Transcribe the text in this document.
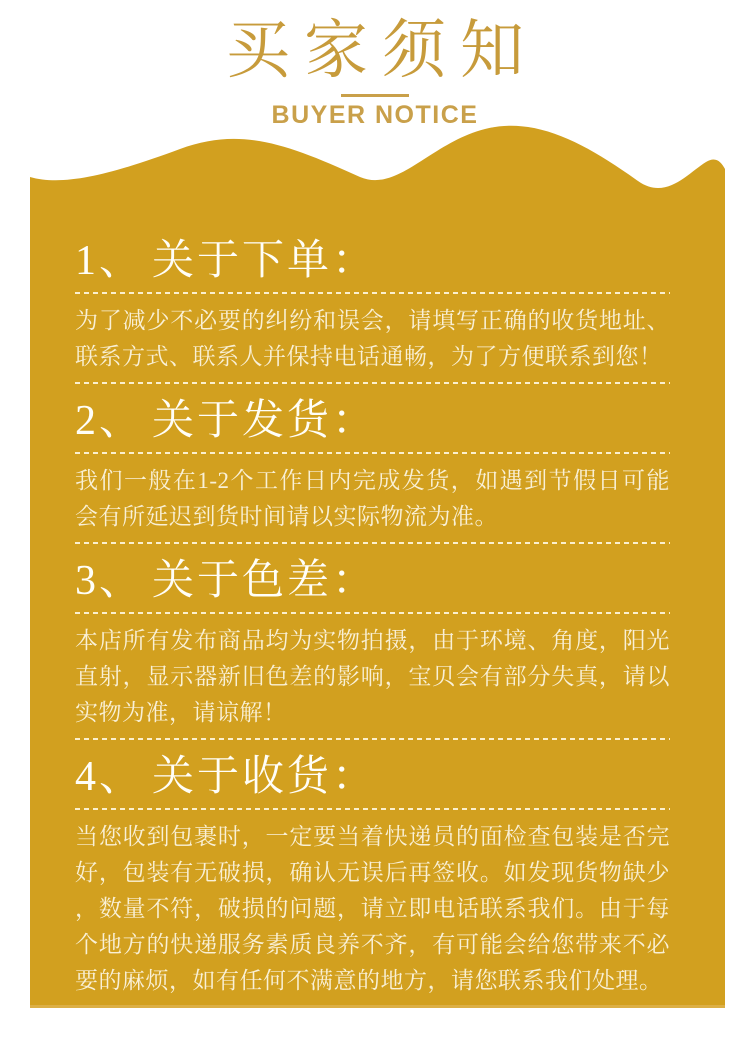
买家须知
BUYER NOTICE
1、 关于下单：

为了减少不必要的纠纷和误会，请填写正确的收货地址、联系方式、联系人并保持电话通畅，为了方便联系到您！

2、 关于发货：

我们一般在1-2个工作日内完成发货，如遇到节假日可能会有所延迟到货时间请以实际物流为准。

3、 关于色差：

本店所有发布商品均为实物拍摄，由于环境、角度，阳光直射，显示器新旧色差的影响，宝贝会有部分失真，请以实物为准，请谅解！

4、 关于收货：

当您收到包裹时，一定要当着快递员的面检查包装是否完好，包装有无破损，确认无误后再签收。如发现货物缺少，数量不符，破损的问题，请立即电话联系我们。由于每个地方的快递服务素质良养不齐，有可能会给您带来不必要的麻烦，如有任何不满意的地方，请您联系我们处理。
